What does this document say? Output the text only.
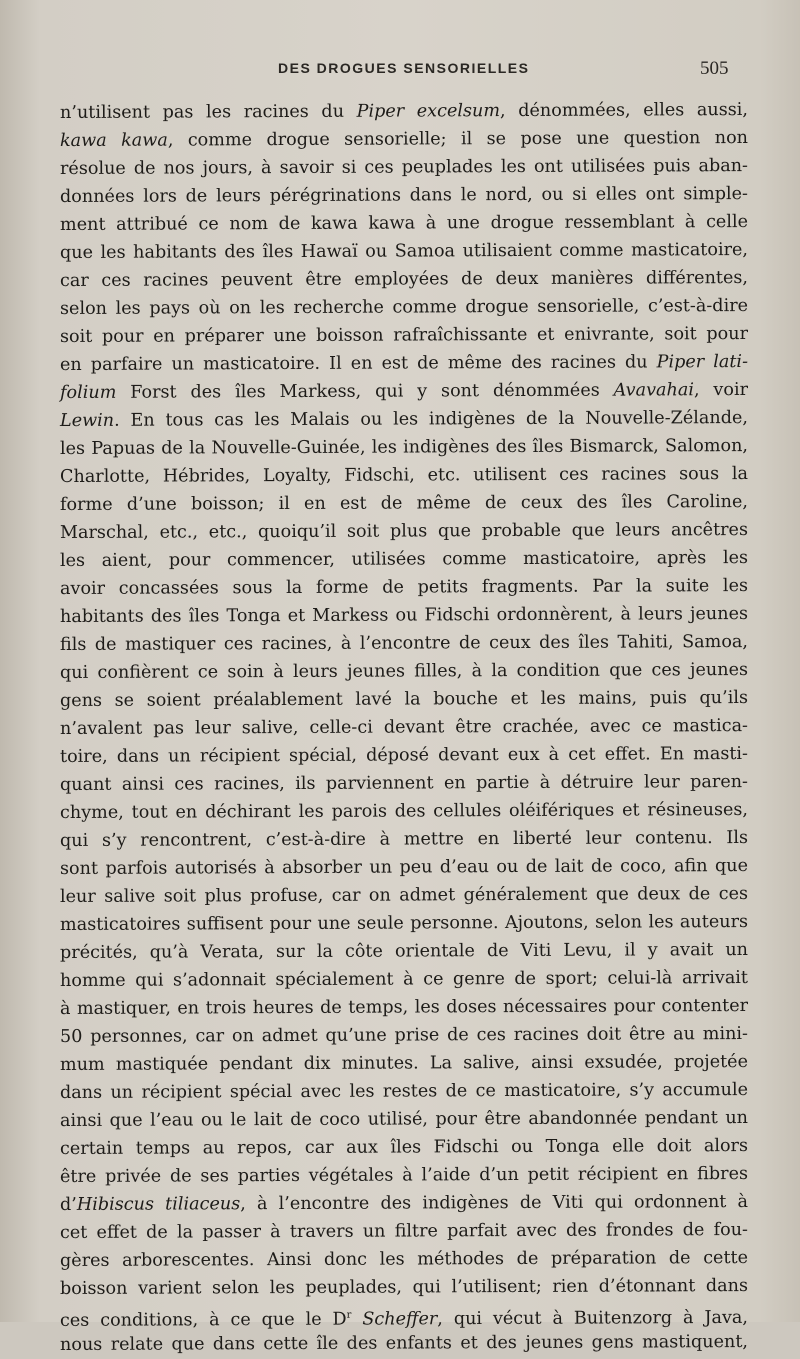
DES DROGUES SENSORIELLES	505
n’utilisent pas les racines du Piper excelsum, dénommées, elles aussi,
kawa kawa, comme drogue sensorielle; il se pose une question non
résolue de nos jours, à savoir si ces peuplades les ont utilisées puis aban-
données lors de leurs pérégrinations dans le nord, ou si elles ont simple-
ment attribué ce nom de kawa kawa à une drogue ressemblant à celle
que les habitants des îles Hawaï ou Samoa utilisaient comme masticatoire,
car ces racines peuvent être employées de deux manières différentes,
selon les pays où on les recherche comme drogue sensorielle, c’est-à-dire
soit pour en préparer une boisson rafraîchissante et enivrante, soit pour
en parfaire un masticatoire. Il en est de même des racines du Piper lati-
folium Forst des îles Markess, qui y sont dénommées Avavahai, voir
Lewin. En tous cas les Malais ou les indigènes de la Nouvelle-Zélande,
les Papuas de la Nouvelle-Guinée, les indigènes des îles Bismarck, Salomon,
Charlotte, Hébrides, Loyalty, Fidschi, etc. utilisent ces racines sous la
forme d’une boisson; il en est de même de ceux des îles Caroline,
Marschal, etc., etc., quoiqu’il soit plus que probable que leurs ancêtres
les aient, pour commencer, utilisées comme masticatoire, après les
avoir concassées sous la forme de petits fragments. Par la suite les
habitants des îles Tonga et Markess ou Fidschi ordonnèrent, à leurs jeunes
fils de mastiquer ces racines, à l’encontre de ceux des îles Tahiti, Samoa,
qui confièrent ce soin à leurs jeunes filles, à la condition que ces jeunes
gens se soient préalablement lavé la bouche et les mains, puis qu’ils
n’avalent pas leur salive, celle-ci devant être crachée, avec ce mastica-
toire, dans un récipient spécial, déposé devant eux à cet effet. En masti-
quant ainsi ces racines, ils parviennent en partie à détruire leur paren-
chyme, tout en déchirant les parois des cellules oléifériques et résineuses,
qui s’y rencontrent, c’est-à-dire à mettre en liberté leur contenu. Ils
sont parfois autorisés à absorber un peu d’eau ou de lait de coco, afin que
leur salive soit plus profuse, car on admet généralement que deux de ces
masticatoires suffisent pour une seule personne. Ajoutons, selon les auteurs
précités, qu’à Verata, sur la côte orientale de Viti Levu, il y avait un
homme qui s’adonnait spécialement à ce genre de sport; celui-là arrivait
à mastiquer, en trois heures de temps, les doses nécessaires pour contenter
50 personnes, car on admet qu’une prise de ces racines doit être au mini-
mum mastiquée pendant dix minutes. La salive, ainsi exsudée, projetée
dans un récipient spécial avec les restes de ce masticatoire, s’y accumule
ainsi que l’eau ou le lait de coco utilisé, pour être abandonnée pendant un
certain temps au repos, car aux îles Fidschi ou Tonga elle doit alors
être privée de ses parties végétales à l’aide d’un petit récipient en fibres
d’Hibiscus tiliaceus, à l’encontre des indigènes de Viti qui ordonnent à
cet effet de la passer à travers un filtre parfait avec des frondes de fou-
gères arborescentes. Ainsi donc les méthodes de préparation de cette
boisson varient selon les peuplades, qui l’utilisent; rien d’étonnant dans
ces conditions, à ce que le $D^r$ Scheffer, qui vécut à Buitenzorg à Java,
nous relate que dans cette île des enfants et des jeunes gens mastiquent,
